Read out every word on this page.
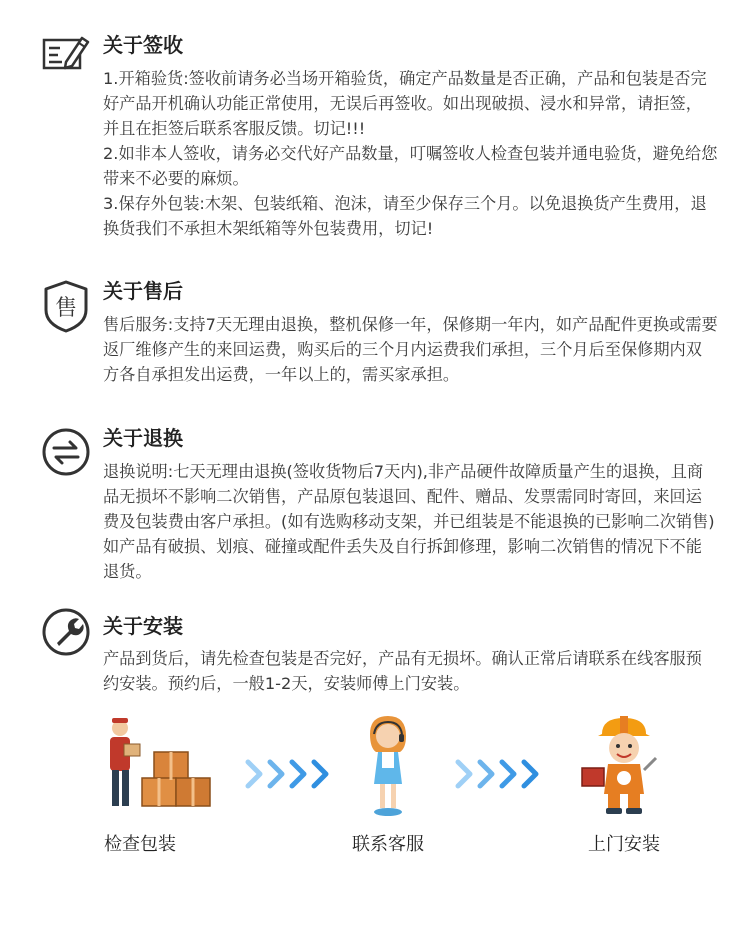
关于签收

1.开箱验货:签收前请务必当场开箱验货，确定产品数量是否正确，产品和包装是否完好产品开机确认功能正常使用，无误后再签收。如出现破损、浸水和异常，请拒签，并且在拒签后联系客服反馈。切记!!!

2.如非本人签收，请务必交代好产品数量，叮嘱签收人检查包装并通电验货，避免给您带来不必要的麻烦。

3.保存外包装:木架、包装纸箱、泡沫，请至少保存三个月。以免退换货产生费用，退换货我们不承担木架纸箱等外包装费用，切记!

售
关于售后

售后服务:支持7天无理由退换，整机保修一年，保修期一年内，如产品配件更换或需要返厂维修产生的来回运费，购买后的三个月内运费我们承担，三个月后至保修期内双方各自承担发出运费，一年以上的，需买家承担。

关于退换

退换说明:七天无理由退换(签收货物后7天内),非产品硬件故障质量产生的退换，且商品无损坏不影响二次销售，产品原包装退回、配件、赠品、发票需同时寄回，来回运费及包装费由客户承担。(如有选购移动支架，并已组装是不能退换的已影响二次销售)如产品有破损、划痕、碰撞或配件丢失及自行拆卸修理，影响二次销售的情况下不能退货。

关于安装

产品到货后，请先检查包装是否完好，产品有无损坏。确认正常后请联系在线客服预约安装。预约后，一般1-2天，安装师傅上门安装。

检查包装	联系客服	上门安装
